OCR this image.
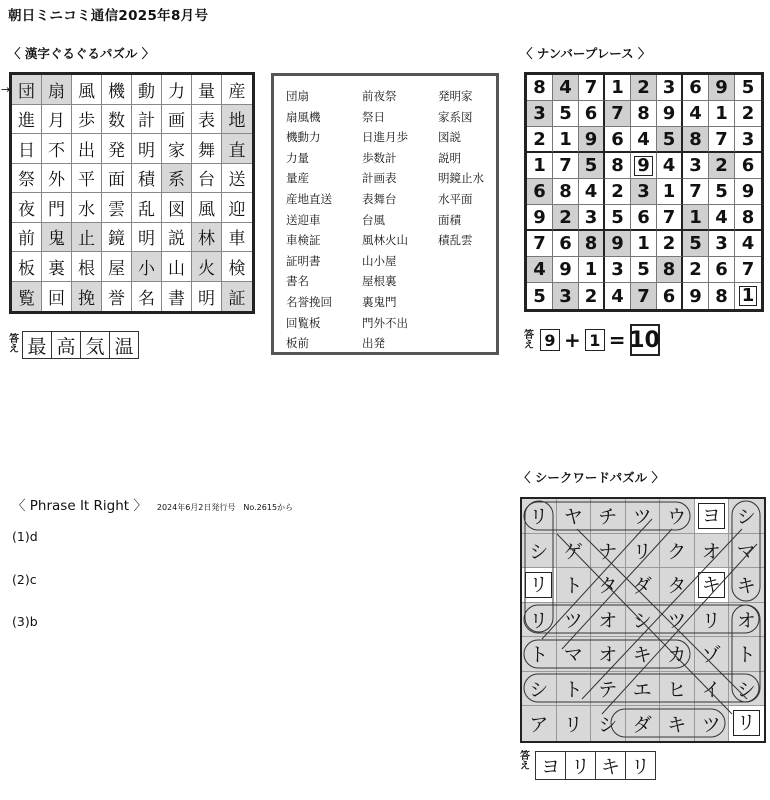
朝日ミニコミ通信2025年8月号
〈 漢字ぐるぐるパズル 〉
→ 団 扇 風 機 動 力 量 産
進 月 歩 数 計 画 表 地
日 不 出 発 明 家 舞 直
祭 外 平 面 積 系 台 送
夜 門 水 雲 乱 図 風 迎
前 鬼 止 鏡 明 説 林 車
板 裏 根 屋 小 山 火 検
覧 回 挽 誉 名 書 明 証
答え 最 高 気 温
団扇
扇風機
機動力
力量
量産
産地直送
送迎車
車検証
証明書
書名
名誉挽回
回覧板
板前
前夜祭
祭日
日進月歩
歩数計
計画表
表舞台
台風
風林火山
山小屋
屋根裏
裏鬼門
門外不出
出発
発明家
家系図
図説
説明
明鏡止水
水平面
面積
積乱雲
〈 ナンバープレース 〉
8 4 7 1 2 3 6 9 5
3 5 6 7 8 9 4 1 2
2 1 9 6 4 5 8 7 3
1 7 5 8 9 4 3 2 6
6 8 4 2 3 1 7 5 9
9 2 3 5 6 7 1 4 8
7 6 8 9 1 2 5 3 4
4 9 1 3 5 8 2 6 7
5 3 2 4 7 6 9 8 1
答え 9 + 1 = 10
〈 Phrase It Right 〉 2024年6月2日発行号　No.2615から
(1)d
(2)c
(3)b
〈 シークワードパズル 〉
リ ヤ チ ツ ウ ヨ シ
シ ゲ ナ リ ク オ マ
リ ト タ ダ タ キ キ
リ ツ オ シ ツ リ オ
ト マ オ キ カ ゾ ト
シ ト テ エ ヒ イ シ
ア リ シ ダ キ ツ リ
答え ヨ リ キ リ
